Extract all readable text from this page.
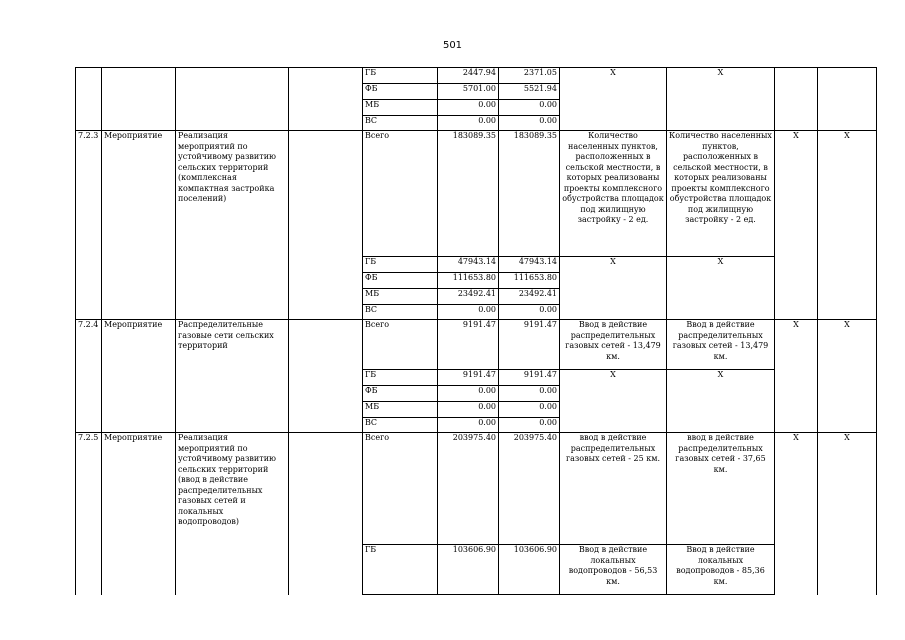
501
				ГБ	2447.94	2371.05	X	X		
				ФБ	5701.00	5521.94				
				МБ	0.00	0.00				
				ВС	0.00	0.00				
7.2.3	Мероприятие	Реализация мероприятий по устойчивому развитию сельских территорий (комплексная компактная застройка поселений)		Всего	183089.35	183089.35	Количество населенных пунктов, расположенных в сельской местности, в которых реализованы проекты комплексного обустройства площадок под жилищную застройку - 2 ед.	Количество населенных пунктов, расположенных в сельской местности, в которых реализованы проекты комплексного обустройства площадок под жилищную застройку - 2 ед.	X	X
				ГБ	47943.14	47943.14	X	X		
				ФБ	111653.80	111653.80				
				МБ	23492.41	23492.41				
				ВС	0.00	0.00				
7.2.4	Мероприятие	Распределительные газовые сети сельских территорий		Всего	9191.47	9191.47	Ввод в действие распределительных газовых сетей - 13,479 км.	Ввод в действие распределительных газовых сетей - 13,479 км.	X	X
				ГБ	9191.47	9191.47	X	X		
				ФБ	0.00	0.00				
				МБ	0.00	0.00				
				ВС	0.00	0.00				
7.2.5	Мероприятие	Реализация мероприятий по устойчивому развитию сельских территорий (ввод в действие распределительных газовых сетей и локальных водопроводов)		Всего	203975.40	203975.40	ввод в действие распределительных газовых сетей - 25 км.	ввод в действие распределительных газовых сетей - 37,65 км.	X	X
				ГБ	103606.90	103606.90	Ввод в действие локальных водопроводов - 56,53 км.	Ввод в действие локальных водопроводов - 85,36 км.		
